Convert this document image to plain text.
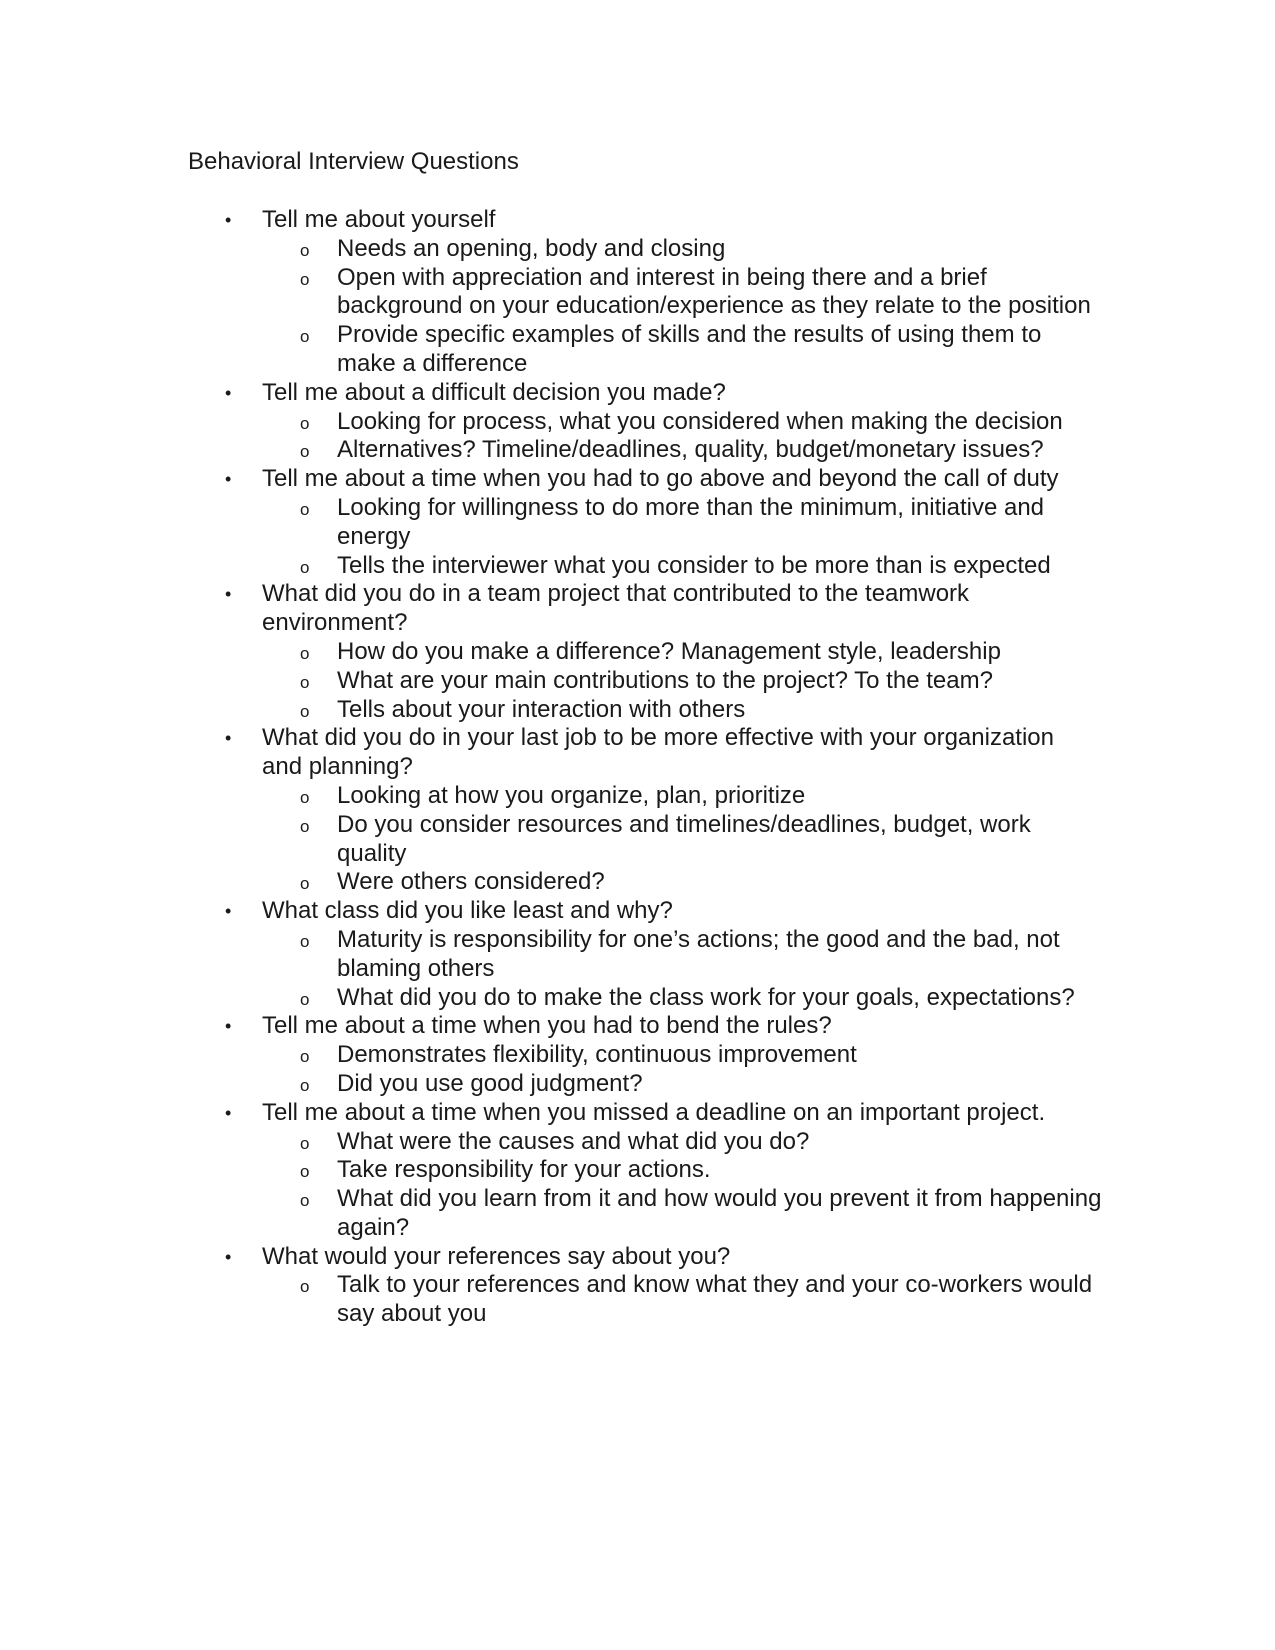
Behavioral Interview Questions
• Tell me about yourself
o Needs an opening, body and closing
o Open with appreciation and interest in being there and a brief background on your education/experience as they relate to the position
o Provide specific examples of skills and the results of using them to make a difference
• Tell me about a difficult decision you made?
o Looking for process, what you considered when making the decision
o Alternatives? Timeline/deadlines, quality, budget/monetary issues?
• Tell me about a time when you had to go above and beyond the call of duty
o Looking for willingness to do more than the minimum, initiative and energy
o Tells the interviewer what you consider to be more than is expected
• What did you do in a team project that contributed to the teamwork environment?
o How do you make a difference? Management style, leadership
o What are your main contributions to the project? To the team?
o Tells about your interaction with others
• What did you do in your last job to be more effective with your organization and planning?
o Looking at how you organize, plan, prioritize
o Do you consider resources and timelines/deadlines, budget, work quality
o Were others considered?
• What class did you like least and why?
o Maturity is responsibility for one’s actions; the good and the bad, not blaming others
o What did you do to make the class work for your goals, expectations?
• Tell me about a time when you had to bend the rules?
o Demonstrates flexibility, continuous improvement
o Did you use good judgment?
• Tell me about a time when you missed a deadline on an important project.
o What were the causes and what did you do?
o Take responsibility for your actions.
o What did you learn from it and how would you prevent it from happening again?
• What would your references say about you?
o Talk to your references and know what they and your co-workers would say about you
